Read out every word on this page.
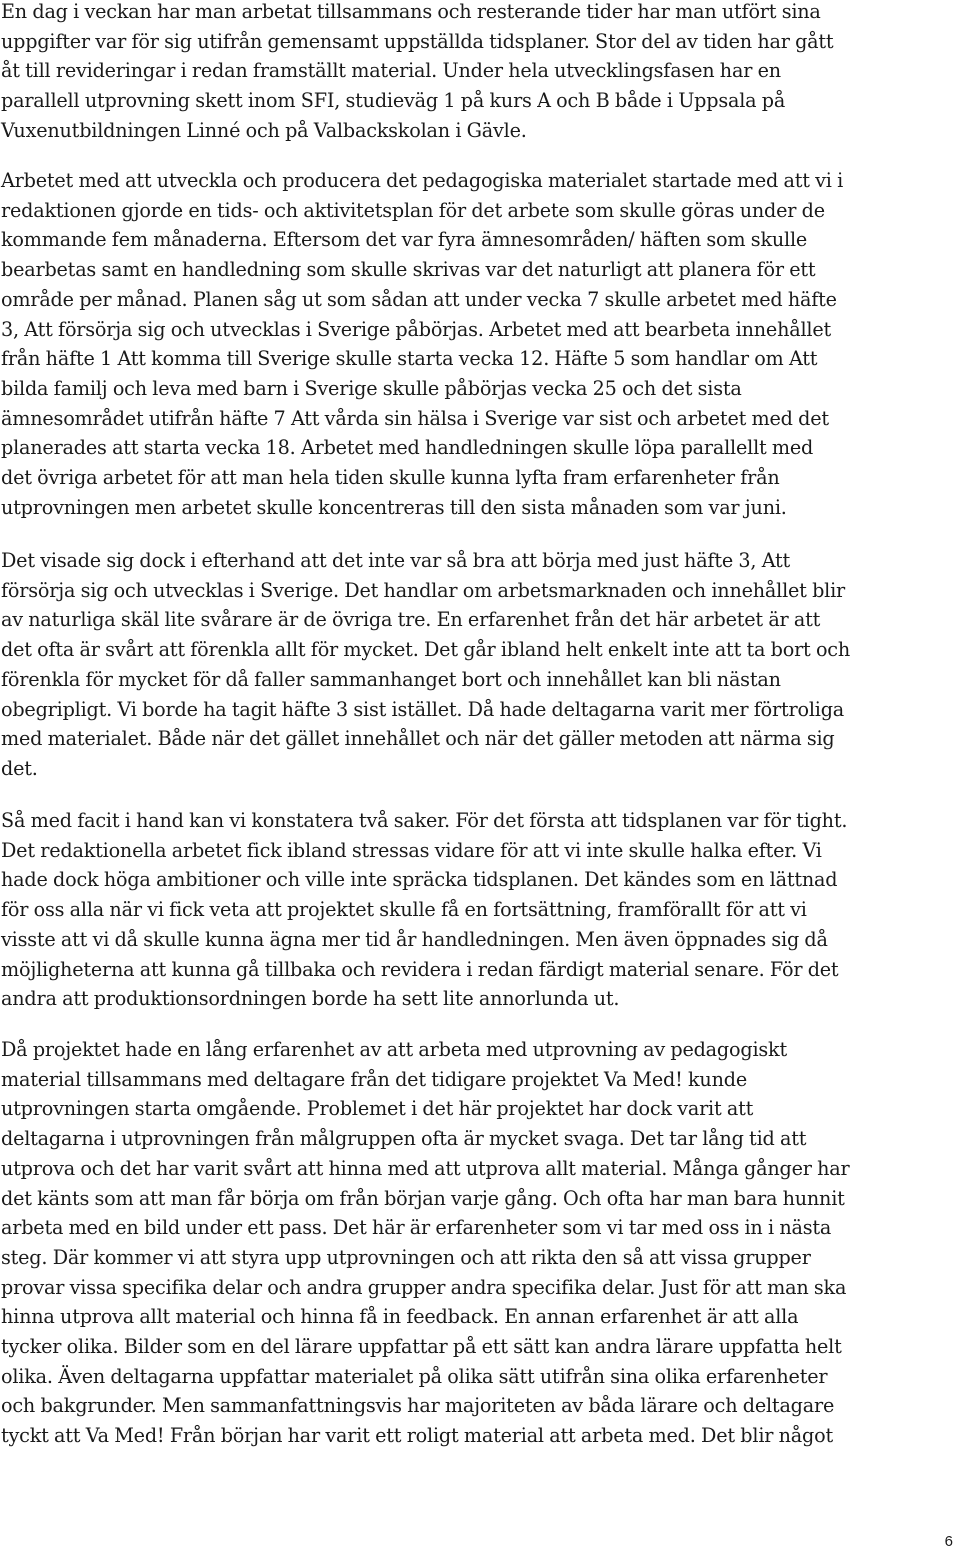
En dag i veckan har man arbetat tillsammans och resterande tider har man utfört sina
uppgifter var för sig utifrån gemensamt uppställda tidsplaner. Stor del av tiden har gått
åt till revideringar i redan framställt material. Under hela utvecklingsfasen har en
parallell utprovning skett inom SFI, studieväg 1 på kurs A och B både i Uppsala på
Vuxenutbildningen Linné och på Valbackskolan i Gävle.
Arbetet med att utveckla och producera det pedagogiska materialet startade med att vi i
redaktionen gjorde en tids- och aktivitetsplan för det arbete som skulle göras under de
kommande fem månaderna. Eftersom det var fyra ämnesområden/ häften som skulle
bearbetas samt en handledning som skulle skrivas var det naturligt att planera för ett
område per månad. Planen såg ut som sådan att under vecka 7 skulle arbetet med häfte
3, Att försörja sig och utvecklas i Sverige påbörjas. Arbetet med att bearbeta innehållet
från häfte 1 Att komma till Sverige skulle starta vecka 12. Häfte 5 som handlar om Att
bilda familj och leva med barn i Sverige skulle påbörjas vecka 25 och det sista
ämnesområdet utifrån häfte 7 Att vårda sin hälsa i Sverige var sist och arbetet med det
planerades att starta vecka 18. Arbetet med handledningen skulle löpa parallellt med
det övriga arbetet för att man hela tiden skulle kunna lyfta fram erfarenheter från
utprovningen men arbetet skulle koncentreras till den sista månaden som var juni.
Det visade sig dock i efterhand att det inte var så bra att börja med just häfte 3, Att
försörja sig och utvecklas i Sverige. Det handlar om arbetsmarknaden och innehållet blir
av naturliga skäl lite svårare är de övriga tre. En erfarenhet från det här arbetet är att
det ofta är svårt att förenkla allt för mycket. Det går ibland helt enkelt inte att ta bort och
förenkla för mycket för då faller sammanhanget bort och innehållet kan bli nästan
obegripligt. Vi borde ha tagit häfte 3 sist istället. Då hade deltagarna varit mer förtroliga
med materialet. Både när det gället innehållet och när det gäller metoden att närma sig
det.
Så med facit i hand kan vi konstatera två saker. För det första att tidsplanen var för tight.
Det redaktionella arbetet fick ibland stressas vidare för att vi inte skulle halka efter. Vi
hade dock höga ambitioner och ville inte spräcka tidsplanen. Det kändes som en lättnad
för oss alla när vi fick veta att projektet skulle få en fortsättning, framförallt för att vi
visste att vi då skulle kunna ägna mer tid år handledningen. Men även öppnades sig då
möjligheterna att kunna gå tillbaka och revidera i redan färdigt material senare. För det
andra att produktionsordningen borde ha sett lite annorlunda ut.
Då projektet hade en lång erfarenhet av att arbeta med utprovning av pedagogiskt
material tillsammans med deltagare från det tidigare projektet Va Med! kunde
utprovningen starta omgående. Problemet i det här projektet har dock varit att
deltagarna i utprovningen från målgruppen ofta är mycket svaga. Det tar lång tid att
utprova och det har varit svårt att hinna med att utprova allt material. Många gånger har
det känts som att man får börja om från början varje gång. Och ofta har man bara hunnit
arbeta med en bild under ett pass. Det här är erfarenheter som vi tar med oss in i nästa
steg. Där kommer vi att styra upp utprovningen och att rikta den så att vissa grupper
provar vissa specifika delar och andra grupper andra specifika delar. Just för att man ska
hinna utprova allt material och hinna få in feedback. En annan erfarenhet är att alla
tycker olika. Bilder som en del lärare uppfattar på ett sätt kan andra lärare uppfatta helt
olika. Även deltagarna uppfattar materialet på olika sätt utifrån sina olika erfarenheter
och bakgrunder. Men sammanfattningsvis har majoriteten av båda lärare och deltagare
tyckt att Va Med! Från början har varit ett roligt material att arbeta med. Det blir något
6
